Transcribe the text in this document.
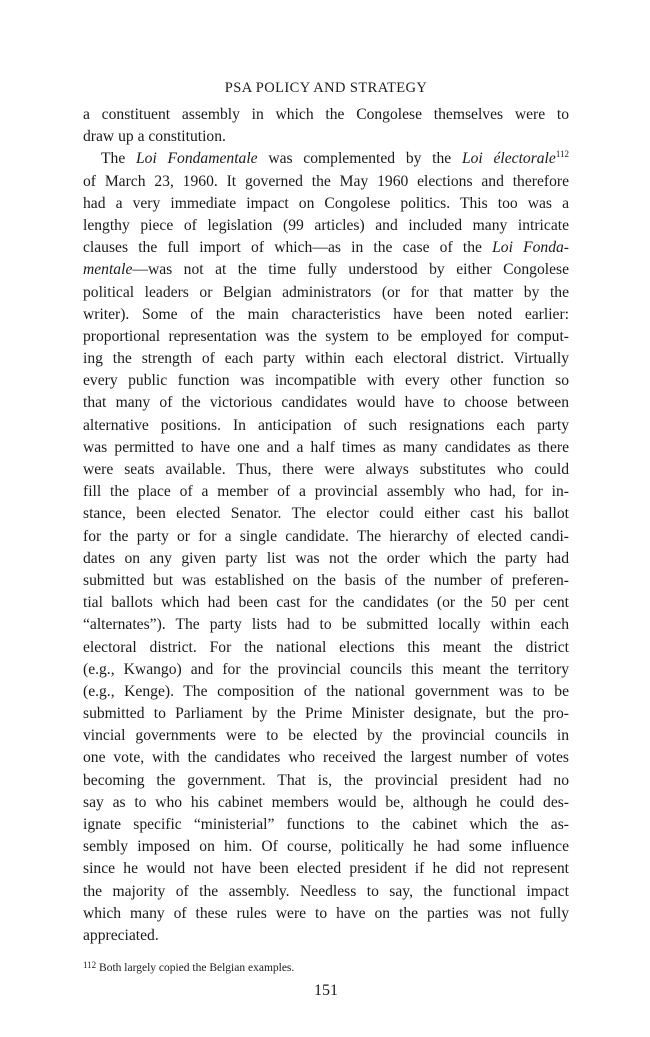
PSA POLICY AND STRATEGY

a constituent assembly in which the Congolese themselves were to
draw up a constitution.

The Loi Fondamentale was complemented by the Loi électorale$^{112}$
of March 23, 1960. It governed the May 1960 elections and therefore
had a very immediate impact on Congolese politics. This too was a
lengthy piece of legislation (99 articles) and included many intricate
clauses the full import of which—as in the case of the Loi Fonda-
mentale—was not at the time fully understood by either Congolese
political leaders or Belgian administrators (or for that matter by the
writer). Some of the main characteristics have been noted earlier:
proportional representation was the system to be employed for comput-
ing the strength of each party within each electoral district. Virtually
every public function was incompatible with every other function so
that many of the victorious candidates would have to choose between
alternative positions. In anticipation of such resignations each party
was permitted to have one and a half times as many candidates as there
were seats available. Thus, there were always substitutes who could
fill the place of a member of a provincial assembly who had, for in-
stance, been elected Senator. The elector could either cast his ballot
for the party or for a single candidate. The hierarchy of elected candi-
dates on any given party list was not the order which the party had
submitted but was established on the basis of the number of preferen-
tial ballots which had been cast for the candidates (or the 50 per cent
“alternates”). The party lists had to be submitted locally within each
electoral district. For the national elections this meant the district
(e.g., Kwango) and for the provincial councils this meant the territory
(e.g., Kenge). The composition of the national government was to be
submitted to Parliament by the Prime Minister designate, but the pro-
vincial governments were to be elected by the provincial councils in
one vote, with the candidates who received the largest number of votes
becoming the government. That is, the provincial president had no
say as to who his cabinet members would be, although he could des-
ignate specific “ministerial” functions to the cabinet which the as-
sembly imposed on him. Of course, politically he had some influence
since he would not have been elected president if he did not represent
the majority of the assembly. Needless to say, the functional impact
which many of these rules were to have on the parties was not fully
appreciated.

$^{112}$ Both largely copied the Belgian examples.
151
